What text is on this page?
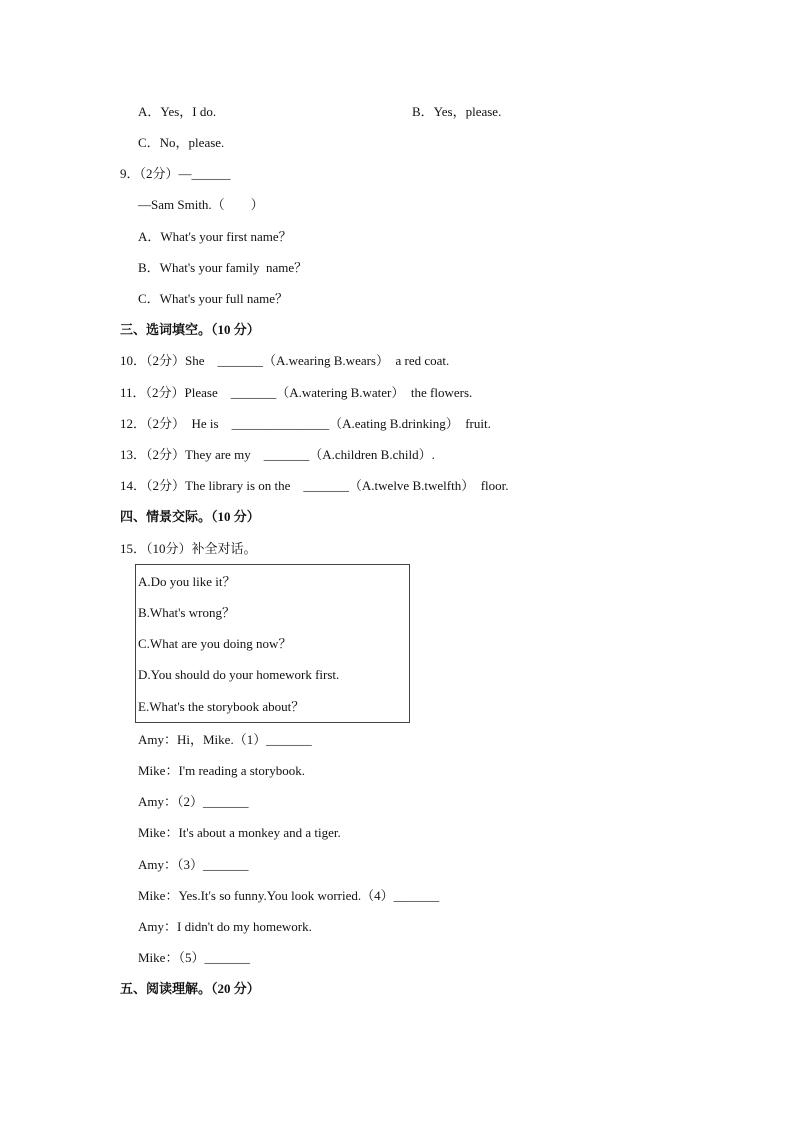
A．Yes，I do.	B．Yes，please.
C．No，please.
9．（2分）—______
—Sam Smith.（　　）
A．What's your first name？
B．What's your family  name？
C．What's your full name？
三、选词填空。（10 分）
10．（2分）She　_______（A.wearing B.wears）　a red coat.
11．（2分）Please　_______（A.watering B.water）　the flowers.
12．（2分）  He is　_______________（A.eating B.drinking）　fruit.
13．（2分）They are my　_______（A.children B.child）.
14．（2分）The library is on the　_______（A.twelve B.twelfth）　floor.
四、情景交际。（10 分）
15．（10分）补全对话。
A.Do you like it？
B.What's wrong？
C.What are you doing now？
D.You should do your homework first.
E.What's the storybook about？
Amy：Hi，Mike.（1）_______
Mike：I'm reading a storybook.
Amy：（2）_______
Mike：It's about a monkey and a tiger.
Amy：（3）_______
Mike：Yes.It's so funny.You look worried.（4）_______
Amy：I didn't do my homework.
Mike：（5）_______
五、阅读理解。（20 分）
